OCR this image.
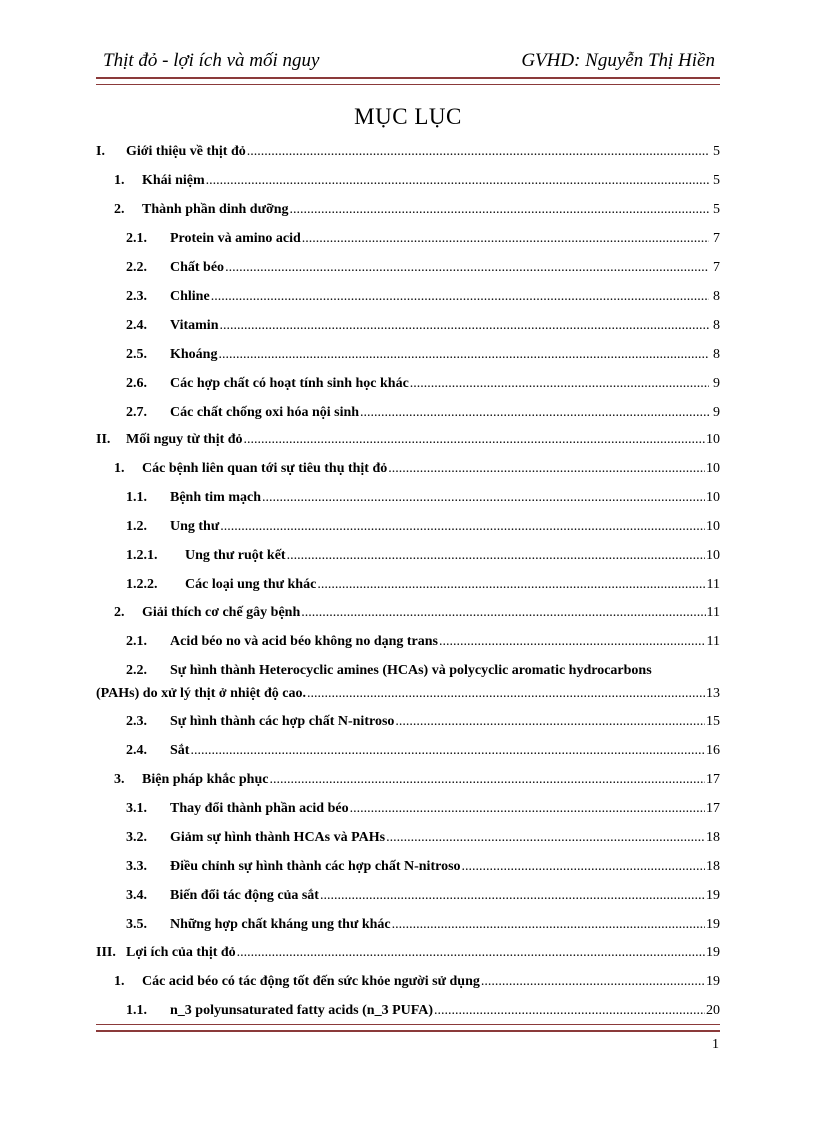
Thịt đỏ - lợi ích và mối nguy	GVHD: Nguyễn Thị Hiền
MỤC LỤC
I.	Giới thiệu về thịt đỏ .....	5
1.	Khái niệm .....	5
2.	Thành phần dinh dưỡng .....	5
2.1.	Protein và amino acid .....	7
2.2.	Chất béo .....	7
2.3.	Chline .....	8
2.4.	Vitamin .....	8
2.5.	Khoáng .....	8
2.6.	Các hợp chất có hoạt tính sinh học khác .....	9
2.7.	Các chất chống oxi hóa nội sinh .....	9
II.	Mối nguy từ thịt đỏ .....	10
1.	Các bệnh liên quan tới sự tiêu thụ thịt đỏ .....	10
1.1.	Bệnh tim mạch .....	10
1.2.	Ung thư .....	10
1.2.1.	Ung thư ruột kết .....	10
1.2.2.	Các loại ung thư khác .....	11
2.	Giải thích cơ chế gây bệnh .....	11
2.1.	Acid béo no và acid béo không no dạng trans .....	11
2.2.	Sự hình thành Heterocyclic amines (HCAs) và polycyclic aromatic hydrocarbons
(PAHs) do xử lý thịt ở nhiệt độ cao. .....	13
2.3.	Sự hình thành các hợp chất N-nitroso .....	15
2.4.	Sắt .....	16
3.	Biện pháp khắc phục .....	17
3.1.	Thay đổi thành phần acid béo .....	17
3.2.	Giảm sự hình thành HCAs và PAHs .....	18
3.3.	Điều chỉnh sự hình thành các hợp chất N-nitroso .....	18
3.4.	Biến đổi tác động của sắt .....	19
3.5.	Những hợp chất kháng ung thư khác .....	19
III. Lợi ích của thịt đỏ .....	19
1.	Các acid béo có tác động tốt đến sức khỏe người sử dụng .....	19
1.1.	n_3 polyunsaturated fatty acids (n_3 PUFA) .....	20
1
